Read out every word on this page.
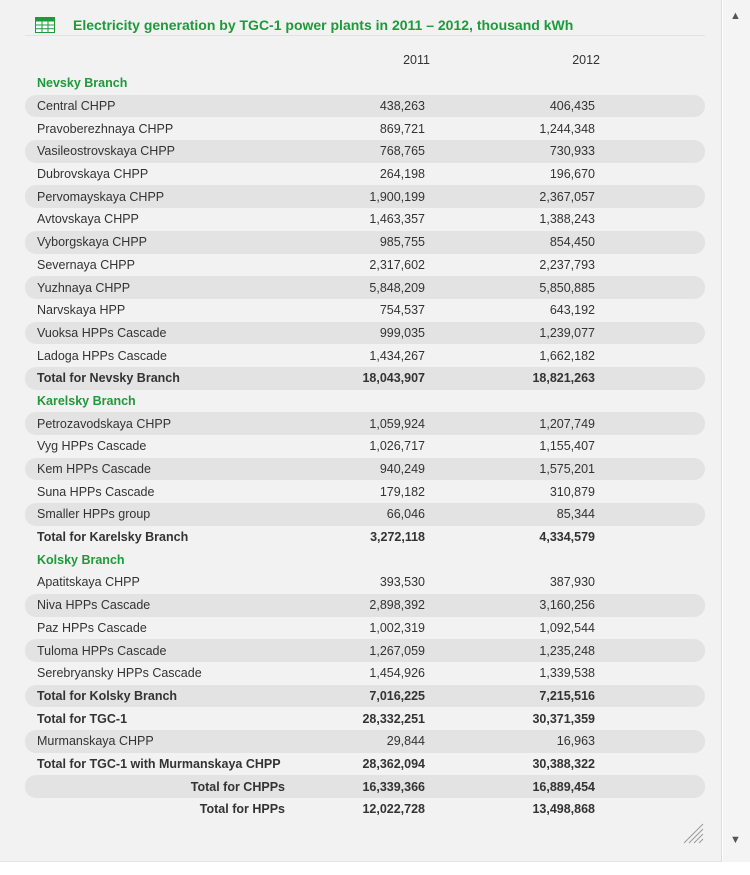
Electricity generation by TGC-1 power plants in 2011 – 2012, thousand kWh
2011	2012
Nevsky Branch
Central CHPP	438,263	406,435
Pravoberezhnaya CHPP	869,721	1,244,348
Vasileostrovskaya CHPP	768,765	730,933
Dubrovskaya CHPP	264,198	196,670
Pervomayskaya CHPP	1,900,199	2,367,057
Avtovskaya CHPP	1,463,357	1,388,243
Vyborgskaya CHPP	985,755	854,450
Severnaya CHPP	2,317,602	2,237,793
Yuzhnaya CHPP	5,848,209	5,850,885
Narvskaya HPP	754,537	643,192
Vuoksa HPPs Cascade	999,035	1,239,077
Ladoga HPPs Cascade	1,434,267	1,662,182
Total for Nevsky Branch	18,043,907	18,821,263
Karelsky Branch
Petrozavodskaya CHPP	1,059,924	1,207,749
Vyg HPPs Cascade	1,026,717	1,155,407
Kem HPPs Cascade	940,249	1,575,201
Suna HPPs Cascade	179,182	310,879
Smaller HPPs group	66,046	85,344
Total for Karelsky Branch	3,272,118	4,334,579
Kolsky Branch
Apatitskaya CHPP	393,530	387,930
Niva HPPs Cascade	2,898,392	3,160,256
Paz HPPs Cascade	1,002,319	1,092,544
Tuloma HPPs Cascade	1,267,059	1,235,248
Serebryansky HPPs Cascade	1,454,926	1,339,538
Total for Kolsky Branch	7,016,225	7,215,516
Total for TGC-1	28,332,251	30,371,359
Murmanskaya CHPP	29,844	16,963
Total for TGC-1 with Murmanskaya CHPP	28,362,094	30,388,322
Total for CHPPs	16,339,366	16,889,454
Total for HPPs	12,022,728	13,498,868
▲
▼
